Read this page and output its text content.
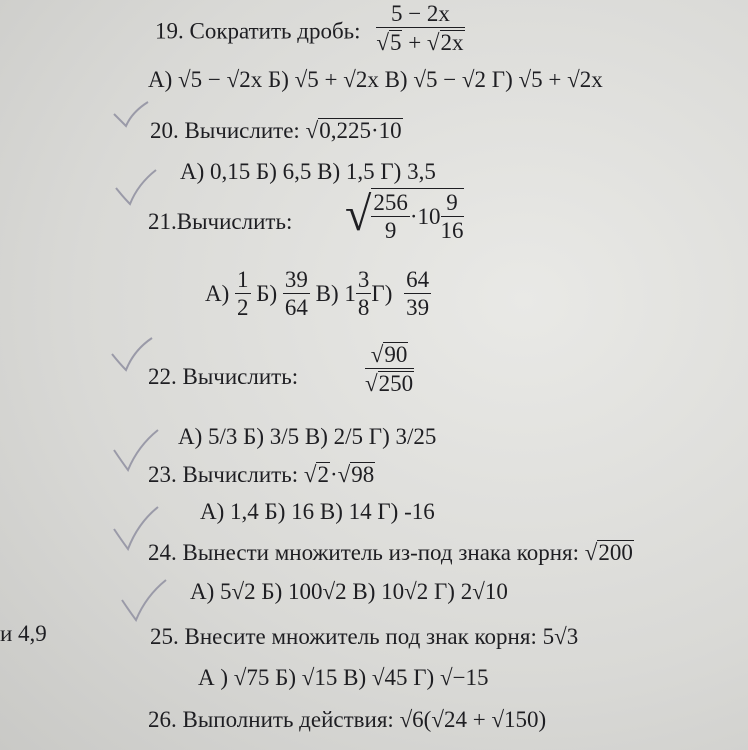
19. Сократить дробь: $\frac{5 - 2x}{√5 + √2x}$
А) √5 − √2x Б) √5 + √2x В) √5 − √2 Г) √5 + √2x
20. Вычислите: √0,225·10
А) 0,15 Б) 6,5 В) 1,5 Г) 3,5
21.Вычислить: √ $\frac{256}{9} \cdot 10 \frac{9}{16}$
$А) \frac{1}{2} Б) \frac{39}{64} В$) $1 \frac{3}{8} Г) \frac{64}{39}$
22. Вычислить:	$\frac{√90}{√250}$
А) 5/3 Б) 3/5 В) 2/5 Г) 3/25
23. Вычислить: √2·√98
А) 1,4 Б) 16 В) 14 Г) -16
24. Вынести множитель из-под знака корня: √200
А) 5√2 Б) 100√2 В) 10√2 Г) 2√10
и 4,9	25. Внесите множитель под знак корня: 5√3
А ) √75 Б) √15 В) √45 Г) √−15
26. Выполнить действия: √6(√24 + √150)
